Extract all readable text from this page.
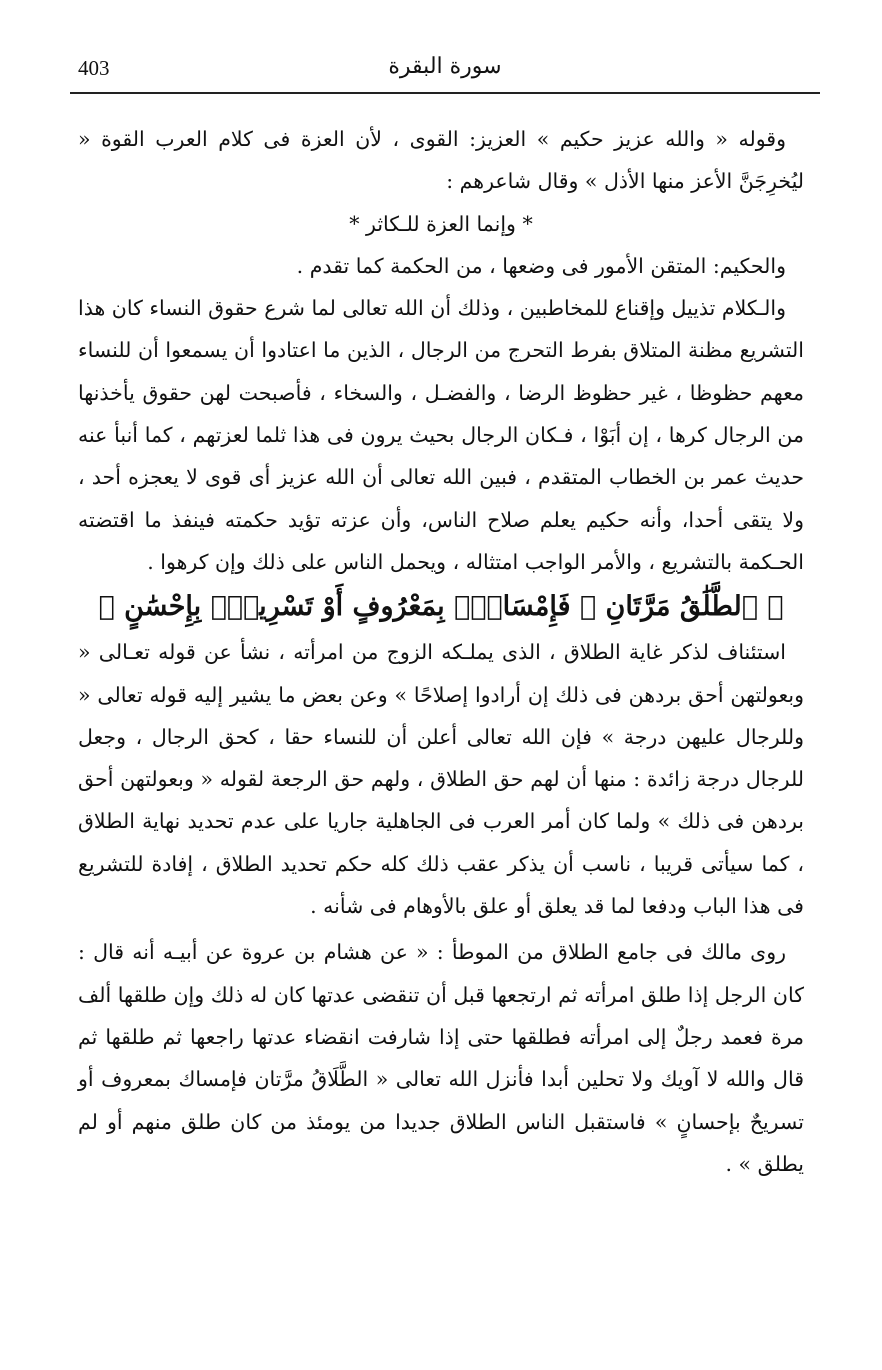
403	سورة البقرة

وقوله « والله عزيز حكيم » العزيز: القوى ، لأن العزة فى كلام العرب القوة « ليُخرِجَنَّ الأعز منها الأذل » وقال شاعرهم :

* وإنما العزة للـكاثر *

والحكيم: المتقن الأمور فى وضعها ، من الحكمة كما تقدم .

والـكلام تذييل وإقناع للمخاطبين ، وذلك أن الله تعالى لما شرع حقوق النساء كان هذا التشريع مظنة المتلاق بفرط التحرج من الرجال ، الذين ما اعتادوا أن يسمعوا أن للنساء معهم حظوظا ، غير حظوظ الرضا ، والفضـل ، والسخاء ، فأصبحت لهن حقوق يأخذنها من الرجال كرها ، إن أبَوْا ، فـكان الرجال بحيث يرون فى هذا ثلما لعزتهم ، كما أنبأ عنه حديث عمر بن الخطاب المتقدم ، فبين الله تعالى أن الله عزيز أى قوى لا يعجزه أحد ، ولا يتقى أحدا، وأنه حكيم يعلم صلاح الناس، وأن عزته تؤيد حكمته فينفذ ما اقتضته الحـكمة بالتشريع ، والأمر الواجب امتثاله ، ويحمل الناس على ذلك وإن كرهوا .

﴿ ٱلطَّلَٰقُ مَرَّتَانِ ۖ فَإِمْسَاكٌۢ بِمَعْرُوفٍ أَوْ تَسْرِيحٌۢ بِإِحْسَٰنٍ ﴾

استئناف لذكر غاية الطلاق ، الذى يملـكه الزوج من امرأته ، نشأ عن قوله تعـالى « وبعولتهن أحق بردهن فى ذلك إن أرادوا إصلاحًا » وعن بعض ما يشير إليه قوله تعالى « وللرجال عليهن درجة » فإن الله تعالى أعلن أن للنساء حقا ، كحق الرجال ، وجعل للرجال درجة زائدة : منها أن لهم حق الطلاق ، ولهم حق الرجعة لقوله « وبعولتهن أحق بردهن فى ذلك » ولما كان أمر العرب فى الجاهلية جاريا على عدم تحديد نهاية الطلاق ، كما سيأتى قريبا ، ناسب أن يذكر عقب ذلك كله حكم تحديد الطلاق ، إفادة للتشريع فى هذا الباب ودفعا لما قد يعلق أو علق بالأوهام فى شأنه .

روى مالك فى جامع الطلاق من الموطأ : « عن هشام بن عروة عن أبيـه أنه قال : كان الرجل إذا طلق امرأته ثم ارتجعها قبل أن تنقضى عدتها كان له ذلك وإن طلقها ألف مرة فعمد رجلٌ إلى امرأته فطلقها حتى إذا شارفت انقضاء عدتها راجعها ثم طلقها ثم قال والله لا آويك ولا تحلين أبدا فأنزل الله تعالى « الطَّلَاقُ مرَّتان فإمساك بمعروف أو تسريحٌ بإحسانٍ » فاستقبل الناس الطلاق جديدا من يومئذ من كان طلق منهم أو لم يطلق » .
